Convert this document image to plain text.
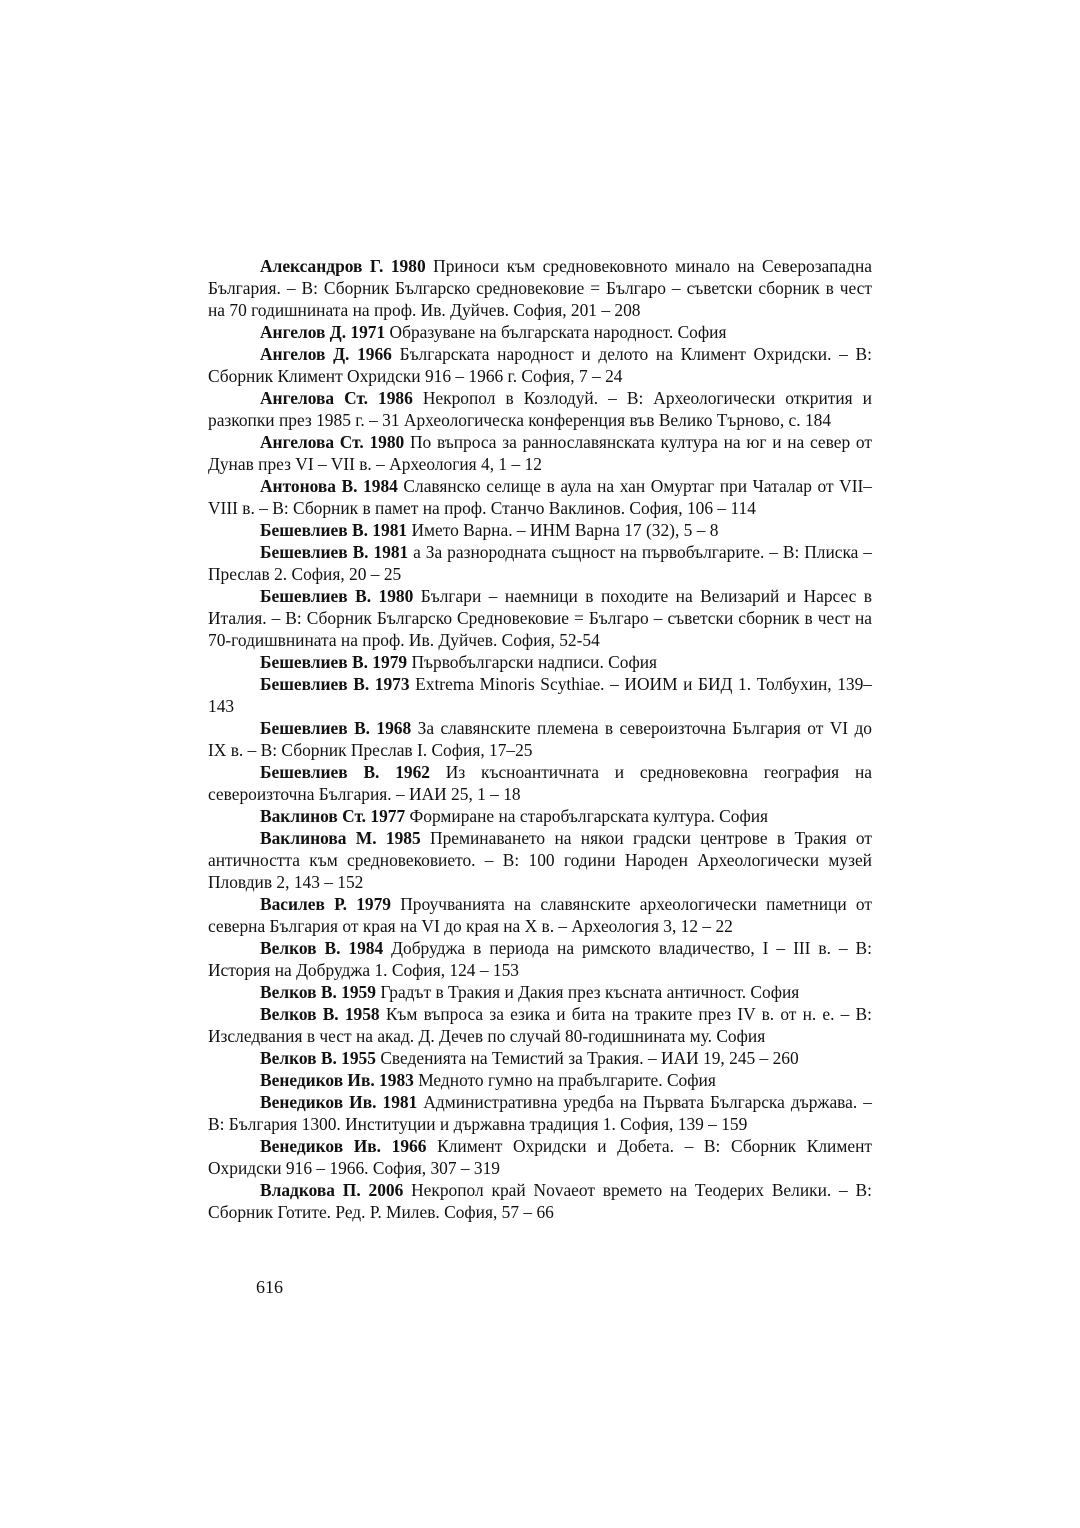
Александров Г. 1980 Приноси към средновековното минало на Северозападна България. – В: Сборник Българско средновековие = Българо – съветски сборник в чест на 70 годишнината на проф. Ив. Дуйчев. София, 201 – 208

Ангелов Д. 1971 Образуване на българската народност. София

Ангелов Д. 1966 Българската народност и делото на Климент Охридски. – В: Сборник Климент Охридски 916 – 1966 г. София, 7 – 24

Ангелова Ст. 1986 Некропол в Козлодуй. – В: Археологически открития и разкопки през 1985 г. – 31 Археологическа конференция във Велико Търново, с. 184

Ангелова Ст. 1980 По въпроса за раннославянската култура на юг и на север от Дунав през VI – VII в. – Археология 4, 1 – 12

Антонова В. 1984 Славянско селище в аула на хан Омуртаг при Чаталар от VII–VIII в. – В: Сборник в памет на проф. Станчо Ваклинов. София, 106 – 114

Бешевлиев В. 1981 Името Варна. – ИНМ Варна 17 (32), 5 – 8

Бешевлиев В. 1981 а За разнородната същност на първобългарите. – В: Плиска – Преслав 2. София, 20 – 25

Бешевлиев В. 1980 Българи – наемници в походите на Велизарий и Нарсес в Италия. – В: Сборник Българско Средновековие = Българо – съветски сборник в чест на 70-годишвнината на проф. Ив. Дуйчев. София, 52-54

Бешевлиев В. 1979 Първобългарски надписи. София

Бешевлиев В. 1973 Extrema Minoris Scythiae. – ИОИМ и БИД 1. Толбухин, 139–143

Бешевлиев В. 1968 За славянските племена в североизточна България от VI до IX в. – В: Сборник Преслав I. София, 17–25

Бешевлиев В. 1962 Из късноантичната и средновековна география на североизточна България. – ИАИ 25, 1 – 18

Ваклинов Ст. 1977 Формиране на старобългарската култура. София

Ваклинова М. 1985 Преминаването на някои градски центрове в Тракия от античността към средновековието. – В: 100 години Народен Археологически музей Пловдив 2, 143 – 152

Василев Р. 1979 Проучванията на славянските археологически паметници от северна България от края на VI до края на X в. – Археология 3, 12 – 22

Велков В. 1984 Добруджа в периода на римското владичество, I – III в. – В: История на Добруджа 1. София, 124 – 153

Велков В. 1959 Градът в Тракия и Дакия през късната античност. София

Велков В. 1958 Към въпроса за езика и бита на траките през IV в. от н. е. – В: Изследвания в чест на акад. Д. Дечев по случай 80-годишнината му. София

Велков В. 1955 Сведенията на Темистий за Тракия. – ИАИ 19, 245 – 260

Венедиков Ив. 1983 Медното гумно на прабългарите. София

Венедиков Ив. 1981 Административна уредба на Първата Българска държава. – В: България 1300. Институции и държавна традиция 1. София, 139 – 159

Венедиков Ив. 1966 Климент Охридски и Добета. – В: Сборник Климент Охридски 916 – 1966. София, 307 – 319

Владкова П. 2006 Некропол край Novaeот времето на Теодерих Велики. – В: Сборник Готите. Ред. Р. Милев. София, 57 – 66

616
